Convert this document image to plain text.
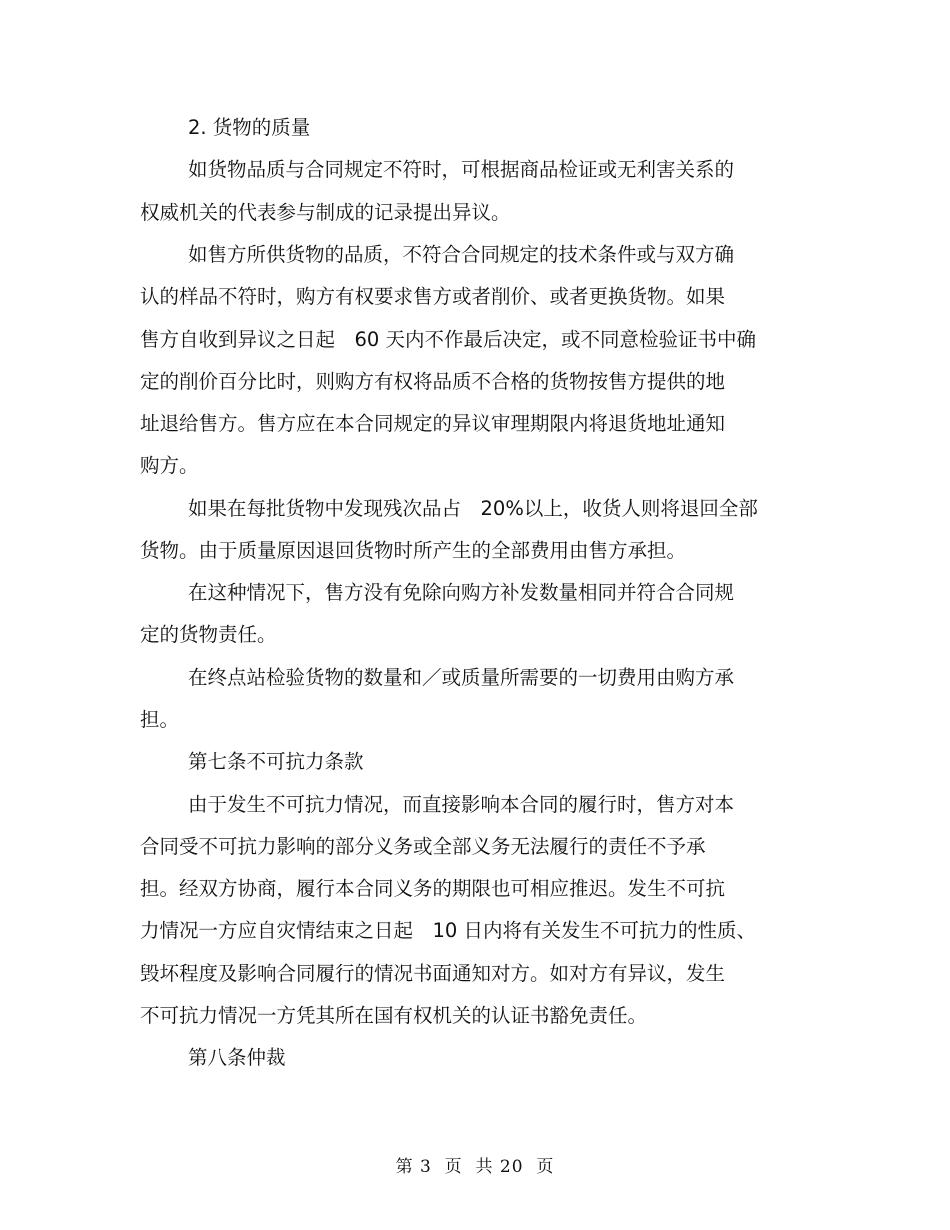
2. 货物的质量
如货物品质与合同规定不符时，可根据商品检证或无利害关系的
权威机关的代表参与制成的记录提出异议。
如售方所供货物的品质，不符合合同规定的技术条件或与双方确
认的样品不符时，购方有权要求售方或者削价、或者更换货物。如果
售方自收到异议之日起　60 天内不作最后决定，或不同意检验证书中确
定的削价百分比时，则购方有权将品质不合格的货物按售方提供的地
址退给售方。售方应在本合同规定的异议审理期限内将退货地址通知
购方。
如果在每批货物中发现残次品占　20%以上，收货人则将退回全部
货物。由于质量原因退回货物时所产生的全部费用由售方承担。
在这种情况下，售方没有免除向购方补发数量相同并符合合同规
定的货物责任。
在终点站检验货物的数量和／或质量所需要的一切费用由购方承
担。
第七条不可抗力条款
由于发生不可抗力情况，而直接影响本合同的履行时，售方对本
合同受不可抗力影响的部分义务或全部义务无法履行的责任不予承
担。经双方协商，履行本合同义务的期限也可相应推迟。发生不可抗
力情况一方应自灾情结束之日起　10 日内将有关发生不可抗力的性质、
毁坏程度及影响合同履行的情况书面通知对方。如对方有异议，发生
不可抗力情况一方凭其所在国有权机关的认证书豁免责任。
第八条仲裁
第 3  页  共 20  页
